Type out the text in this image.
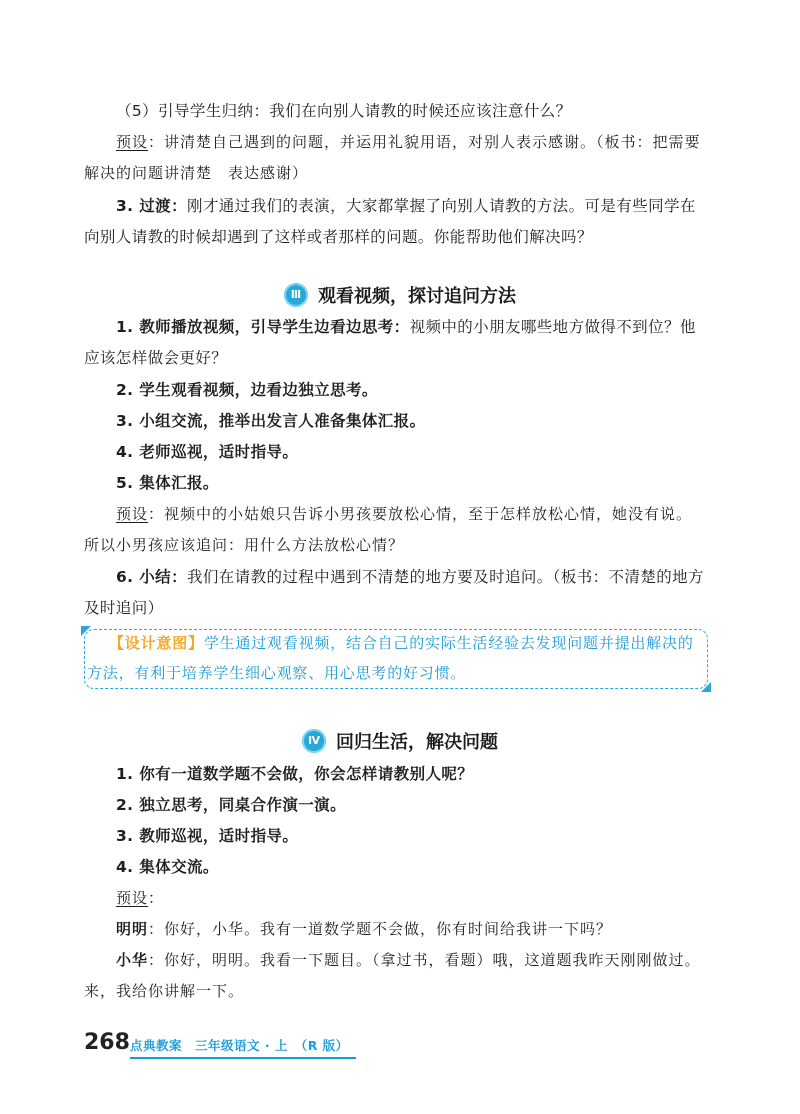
（5）引导学生归纳：我们在向别人请教的时候还应该注意什么？
预设：讲清楚自己遇到的问题，并运用礼貌用语，对别人表示感谢。（板书：把需要解决的问题讲清楚　表达感谢）
3. 过渡：刚才通过我们的表演，大家都掌握了向别人请教的方法。可是有些同学在向别人请教的时候却遇到了这样或者那样的问题。你能帮助他们解决吗？
Ⅲ 观看视频，探讨追问方法
1. 教师播放视频，引导学生边看边思考：视频中的小朋友哪些地方做得不到位？他应该怎样做会更好？
2. 学生观看视频，边看边独立思考。
3. 小组交流，推举出发言人准备集体汇报。
4. 老师巡视，适时指导。
5. 集体汇报。
预设：视频中的小姑娘只告诉小男孩要放松心情，至于怎样放松心情，她没有说。所以小男孩应该追问：用什么方法放松心情？
6. 小结：我们在请教的过程中遇到不清楚的地方要及时追问。（板书：不清楚的地方及时追问）
【设计意图】学生通过观看视频，结合自己的实际生活经验去发现问题并提出解决的方法，有利于培养学生细心观察、用心思考的好习惯。
Ⅳ 回归生活，解决问题
1. 你有一道数学题不会做，你会怎样请教别人呢？
2. 独立思考，同桌合作演一演。
3. 教师巡视，适时指导。
4. 集体交流。
预设：
明明：你好，小华。我有一道数学题不会做，你有时间给我讲一下吗？
小华：你好，明明。我看一下题目。（拿过书，看题）哦，这道题我昨天刚刚做过。来，我给你讲解一下。
268 点典教案　三年级语文 · 上　（R 版）
